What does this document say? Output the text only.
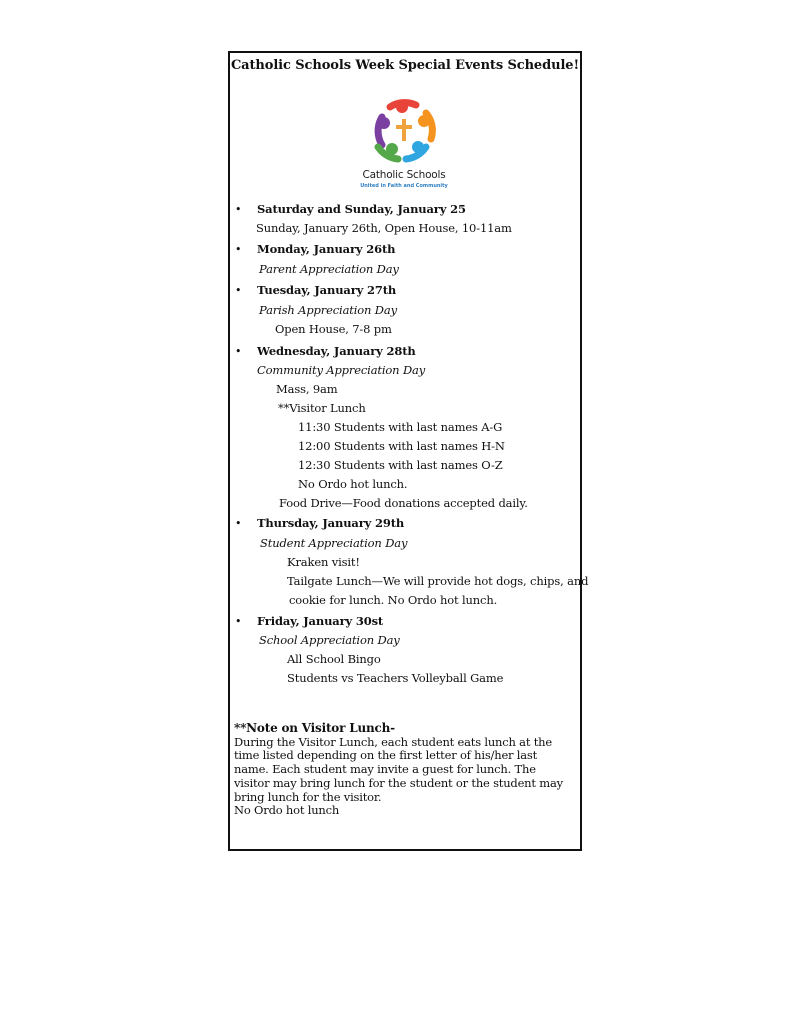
Catholic Schools Week Special Events Schedule!
Catholic Schools
United in Faith and Community
• Saturday and Sunday, January 25
Sunday, January 26th, Open House, 10-11am
• Monday, January 26th
Parent Appreciation Day
• Tuesday, January 27th
Parish Appreciation Day
Open House, 7-8 pm
• Wednesday, January 28th
Community Appreciation Day
Mass, 9am
**Visitor Lunch
11:30 Students with last names A-G
12:00 Students with last names H-N
12:30 Students with last names O-Z
No Ordo hot lunch.
Food Drive—Food donations accepted daily.
• Thursday, January 29th
Student Appreciation Day
Kraken visit!
Tailgate Lunch—We will provide hot dogs, chips, and
cookie for lunch. No Ordo hot lunch.
• Friday, January 30st
School Appreciation Day
All School Bingo
Students vs Teachers Volleyball Game
**Note on Visitor Lunch-
During the Visitor Lunch, each student eats lunch at the time listed depending on the first letter of his/her last name. Each student may invite a guest for lunch. The visitor may bring lunch for the student or the student may bring lunch for the visitor.
No Ordo hot lunch
